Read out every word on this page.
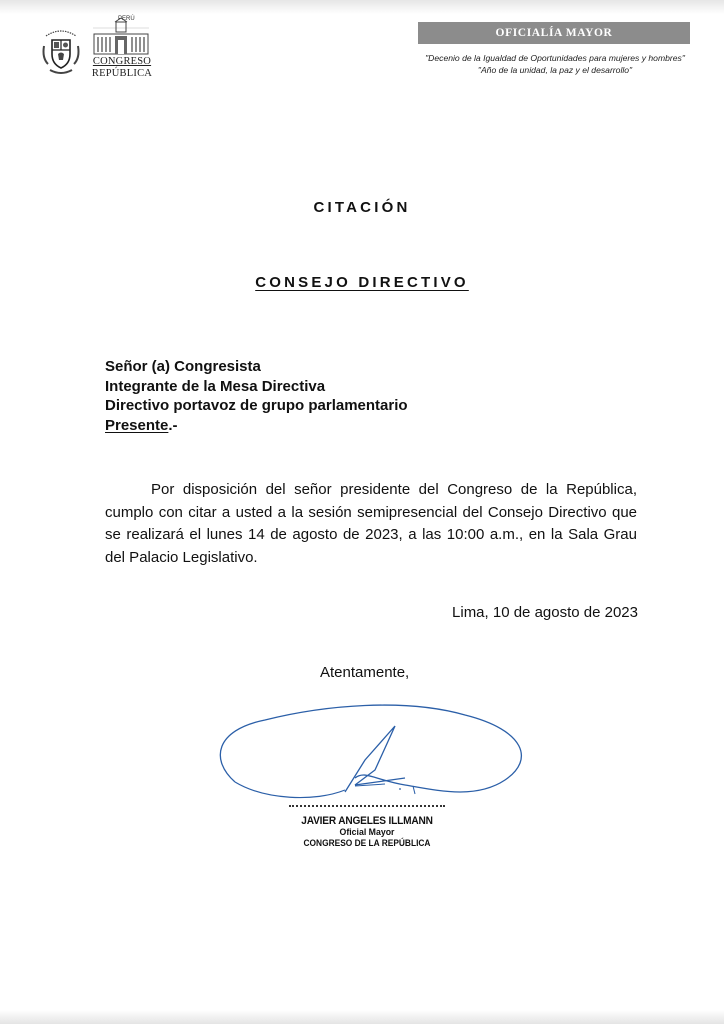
PERÚ
CONGRESO
REPÚBLICA
OFICIALÍA MAYOR
"Decenio de la Igualdad de Oportunidades para mujeres y hombres"
"Año de la unidad, la paz y el desarrollo"
CITACIÓN
CONSEJO DIRECTIVO
Señor (a) Congresista
Integrante de la Mesa Directiva
Directivo portavoz de grupo parlamentario
Presente.-
Por disposición del señor presidente del Congreso de la República, cumplo con citar a usted a la sesión semipresencial del Consejo Directivo que se realizará el lunes 14 de agosto de 2023, a las 10:00 a.m., en la Sala Grau del Palacio Legislativo.
Lima, 10 de agosto de 2023
Atentamente,
JAVIER ANGELES ILLMANN
Oficial Mayor
CONGRESO DE LA REPÚBLICA
